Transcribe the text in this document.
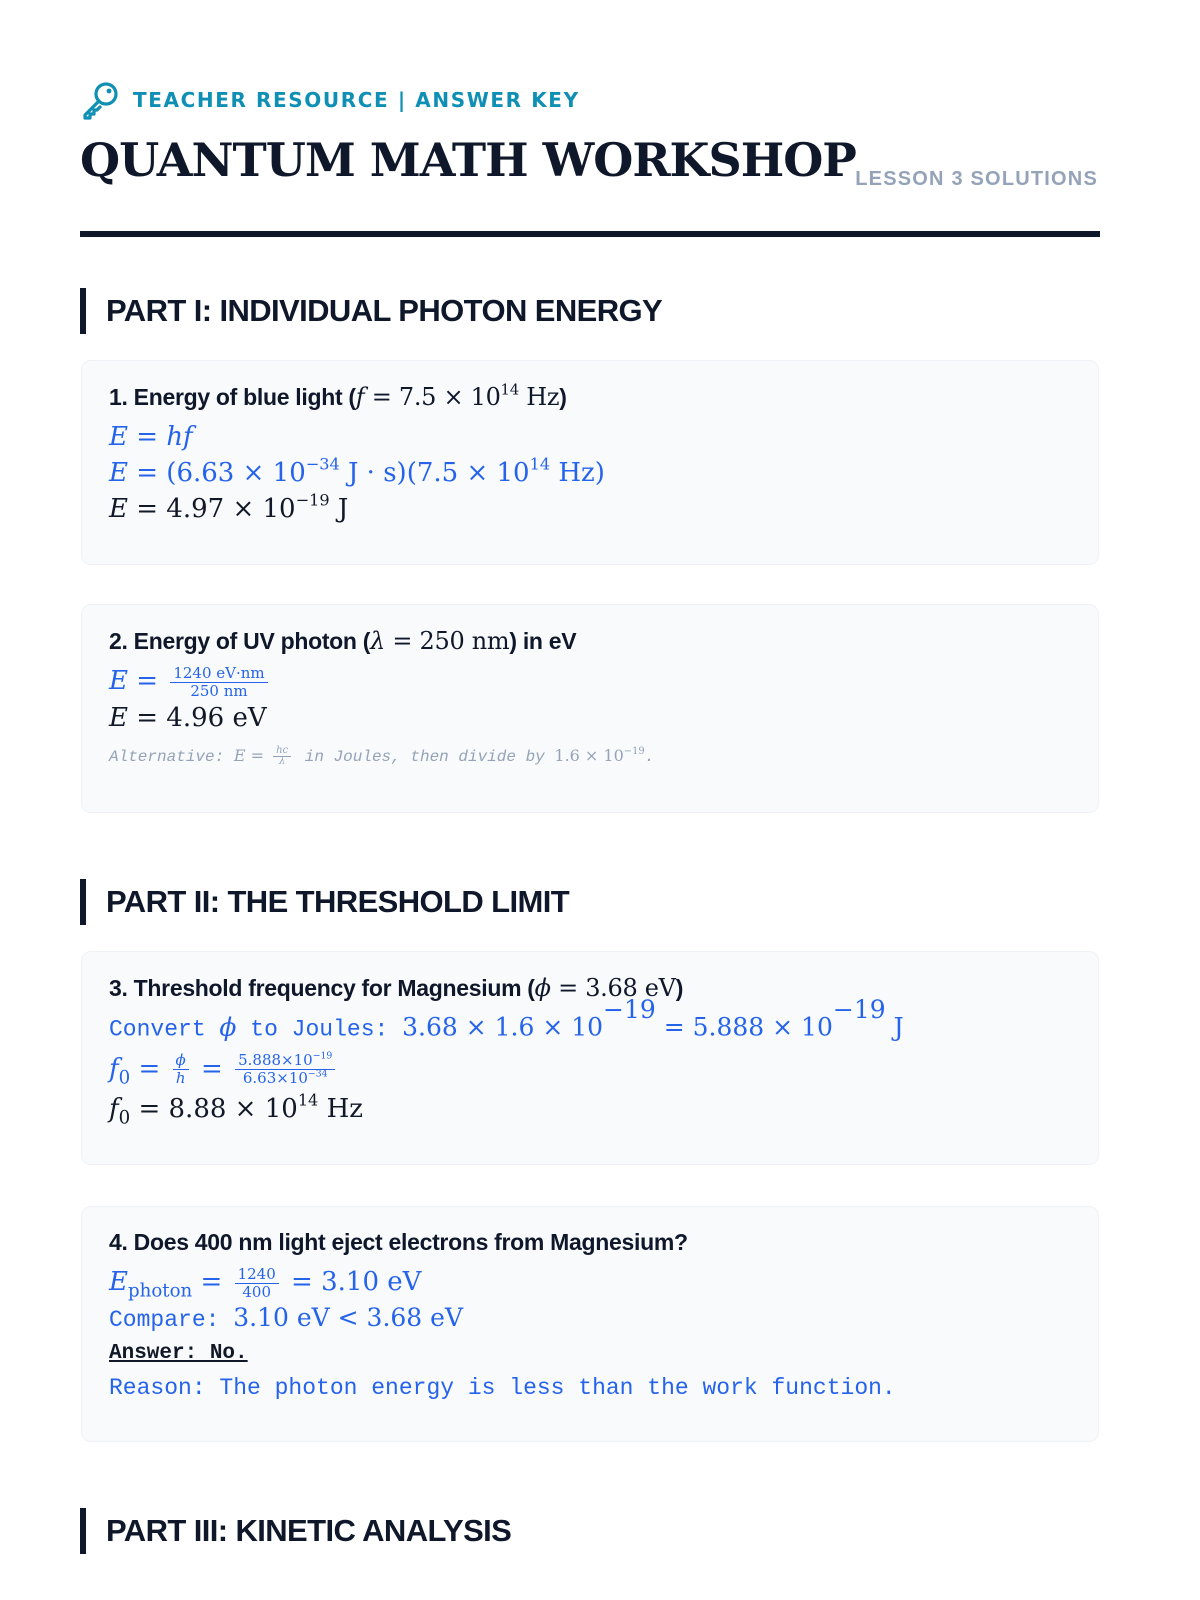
TEACHER RESOURCE | ANSWER KEY
QUANTUM MATH WORKSHOP LESSON 3 SOLUTIONS
PART I: INDIVIDUAL PHOTON ENERGY
1. Energy of blue light ($f = 7.5 \times 10^{14}$ Hz)
E = hf
$E = (6.63 \times 10^{-34}$ $J \cdot s)(7.5 \times 10^{14}$ Hz)
$E = 4.97 \times 10^{-19}$ J
2. Energy of UV photon (λ = 250 nm) in eV
$E = \frac{1240 eV\cdot nm}{250 nm}$
E = 4.96 eV
Alternative: $E = \frac{hc}{\lambda}$ in Joules, then divide by $1.6 \times 10^{-19}$.
PART II: THE THRESHOLD LIMIT
3. Threshold frequency for Magnesium (ϕ = 3.68 eV)
Convert ϕ to Joules: $3.68 \times 1.6 \times 10^{-19} = 5.888 \times 10^{-19}$ J
$f_0 = \frac{\phi}{h} = \frac{5.888\times 10^{-19}}{6.63\times 10^{-34}}$
$f_0 = 8.88 \times 10^{14}$ Hz
4. Does 400 nm light eject electrons from Magnesium?
$E_{photon} = \frac{1240}{400} = 3.10$ eV
Compare: 3.10 eV < 3.68 eV
Answer: No.
Reason: The photon energy is less than the work function.
PART III: KINETIC ANALYSIS
